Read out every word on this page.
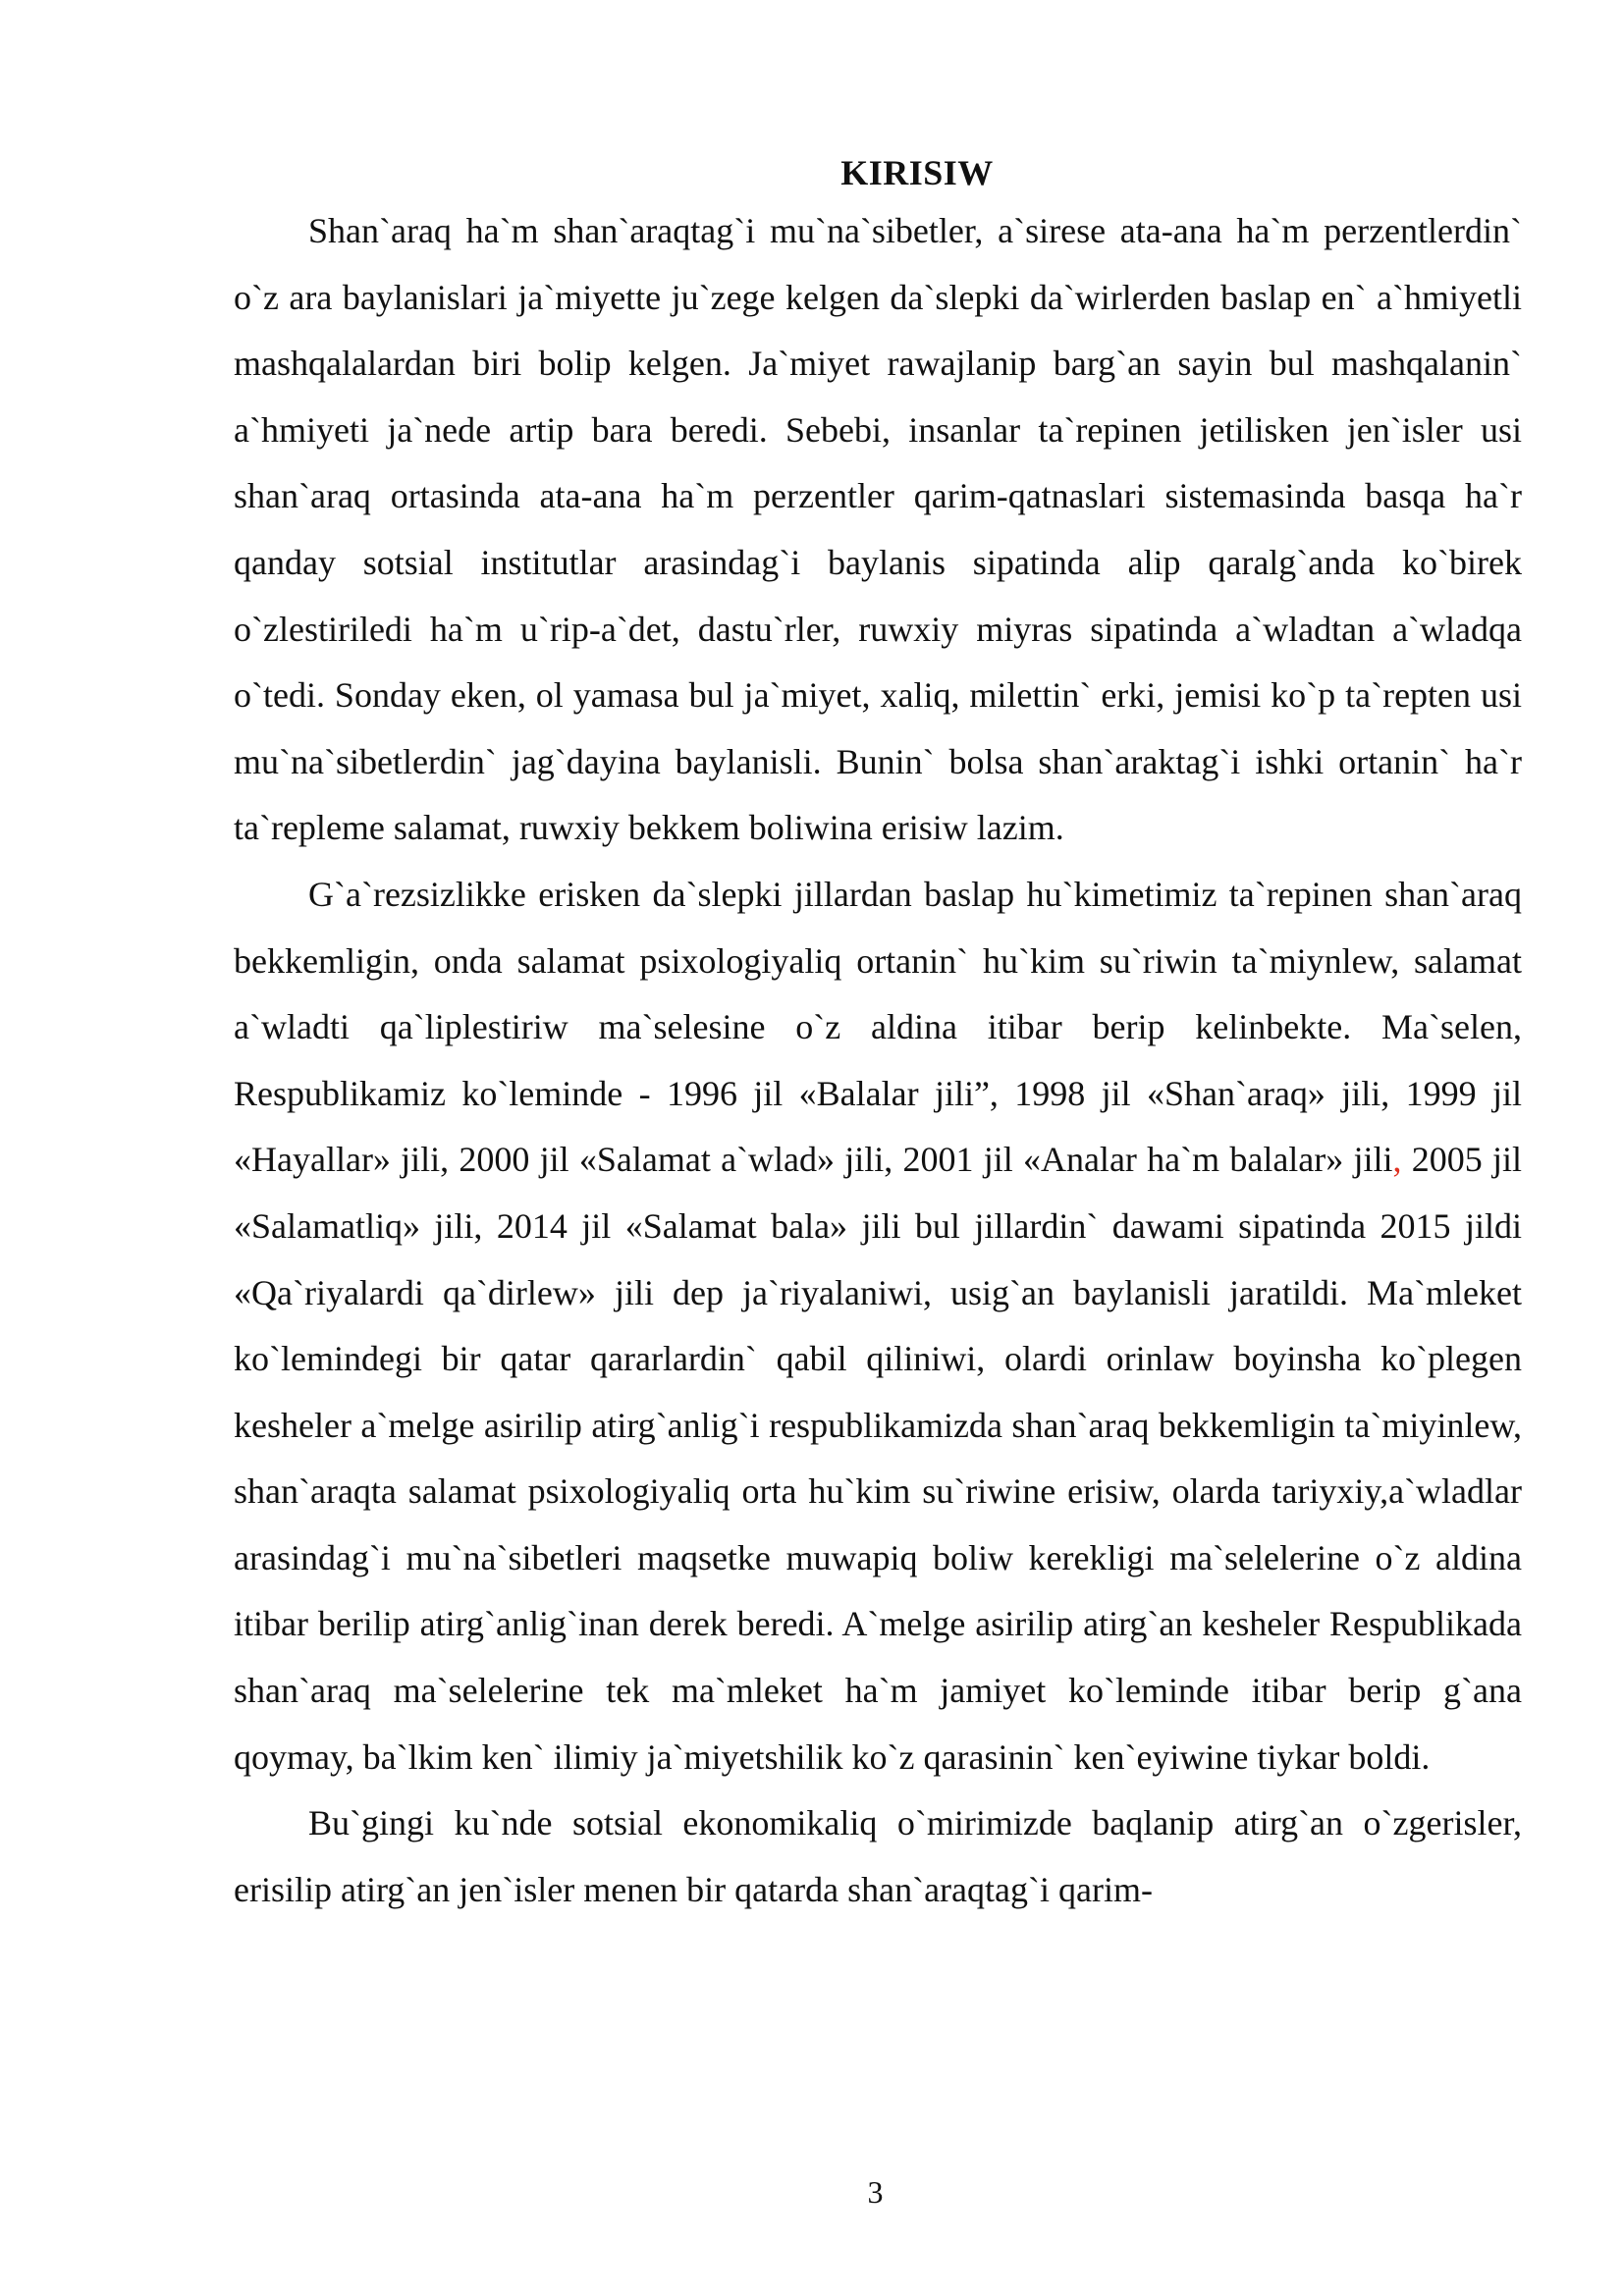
KIRISIW

Shan`araq ha`m shan`araqtag`i mu`na`sibetler, a`sirese ata-ana ha`m perzentlerdin` o`z ara baylanislari ja`miyette ju`zege kelgen da`slepki da`wirlerden baslap en` a`hmiyetli mashqalalardan biri bolip kelgen. Ja`miyet rawajlanip barg`an sayin bul mashqalanin` a`hmiyeti ja`nede artip bara beredi. Sebebi, insanlar ta`repinen jetilisken jen`isler usi shan`araq ortasinda ata-ana ha`m perzentler qarim-qatnaslari sistemasinda basqa ha`r qanday sotsial institutlar arasindag`i baylanis sipatinda alip qaralg`anda ko`birek o`zlestiriledi ha`m u`rip-a`det, dastu`rler, ruwxiy miyras sipatinda a`wladtan a`wladqa o`tedi. Sonday eken, ol yamasa bul ja`miyet, xaliq, milettin` erki, jemisi ko`p ta`repten usi mu`na`sibetlerdin` jag`dayina baylanisli. Bunin` bolsa shan`araktag`i ishki ortanin` ha`r ta`repleme salamat, ruwxiy bekkem boliwina erisiw lazim.

G`a`rezsizlikke erisken da`slepki jillardan baslap hu`kimetimiz ta`repinen shan`araq bekkemligin, onda salamat psixologiyaliq ortanin` hu`kim su`riwin ta`miynlew, salamat a`wladti qa`liplestiriw ma`selesine o`z aldina itibar berip kelinbekte. Ma`selen, Respublikamiz ko`leminde - 1996 jil «Balalar jili”, 1998 jil «Shan`araq» jili, 1999 jil «Hayallar» jili, 2000 jil «Salamat a`wlad» jili, 2001 jil «Analar ha`m balalar» jili, 2005 jil «Salamatliq» jili, 2014 jil «Salamat bala» jili bul jillardin` dawami sipatinda 2015 jildi «Qa`riyalardi qa`dirlew» jili dep ja`riyalaniwi, usig`an baylanisli jaratildi. Ma`mleket ko`lemindegi bir qatar qararlardin` qabil qiliniwi, olardi orinlaw boyinsha ko`plegen kesheler a`melge asirilip atirg`anlig`i respublikamizda shan`araq bekkemligin ta`miyinlew, shan`araqta salamat psixologiyaliq orta hu`kim su`riwine erisiw, olarda tariyxiy,a`wladlar arasindag`i mu`na`sibetleri maqsetke muwapiq boliw kerekligi ma`selelerine o`z aldina itibar berilip atirg`anlig`inan derek beredi. A`melge asirilip atirg`an kesheler Respublikada shan`araq ma`selelerine tek ma`mleket ha`m jamiyet ko`leminde itibar berip g`ana qoymay, ba`lkim ken` ilimiy ja`miyetshilik ko`z qarasinin` ken`eyiwine tiykar boldi.

Bu`gingi ku`nde sotsial ekonomikaliq o`mirimizde baqlanip atirg`an o`zgerisler, erisilip atirg`an jen`isler menen bir qatarda shan`araqtag`i qarim-

3
